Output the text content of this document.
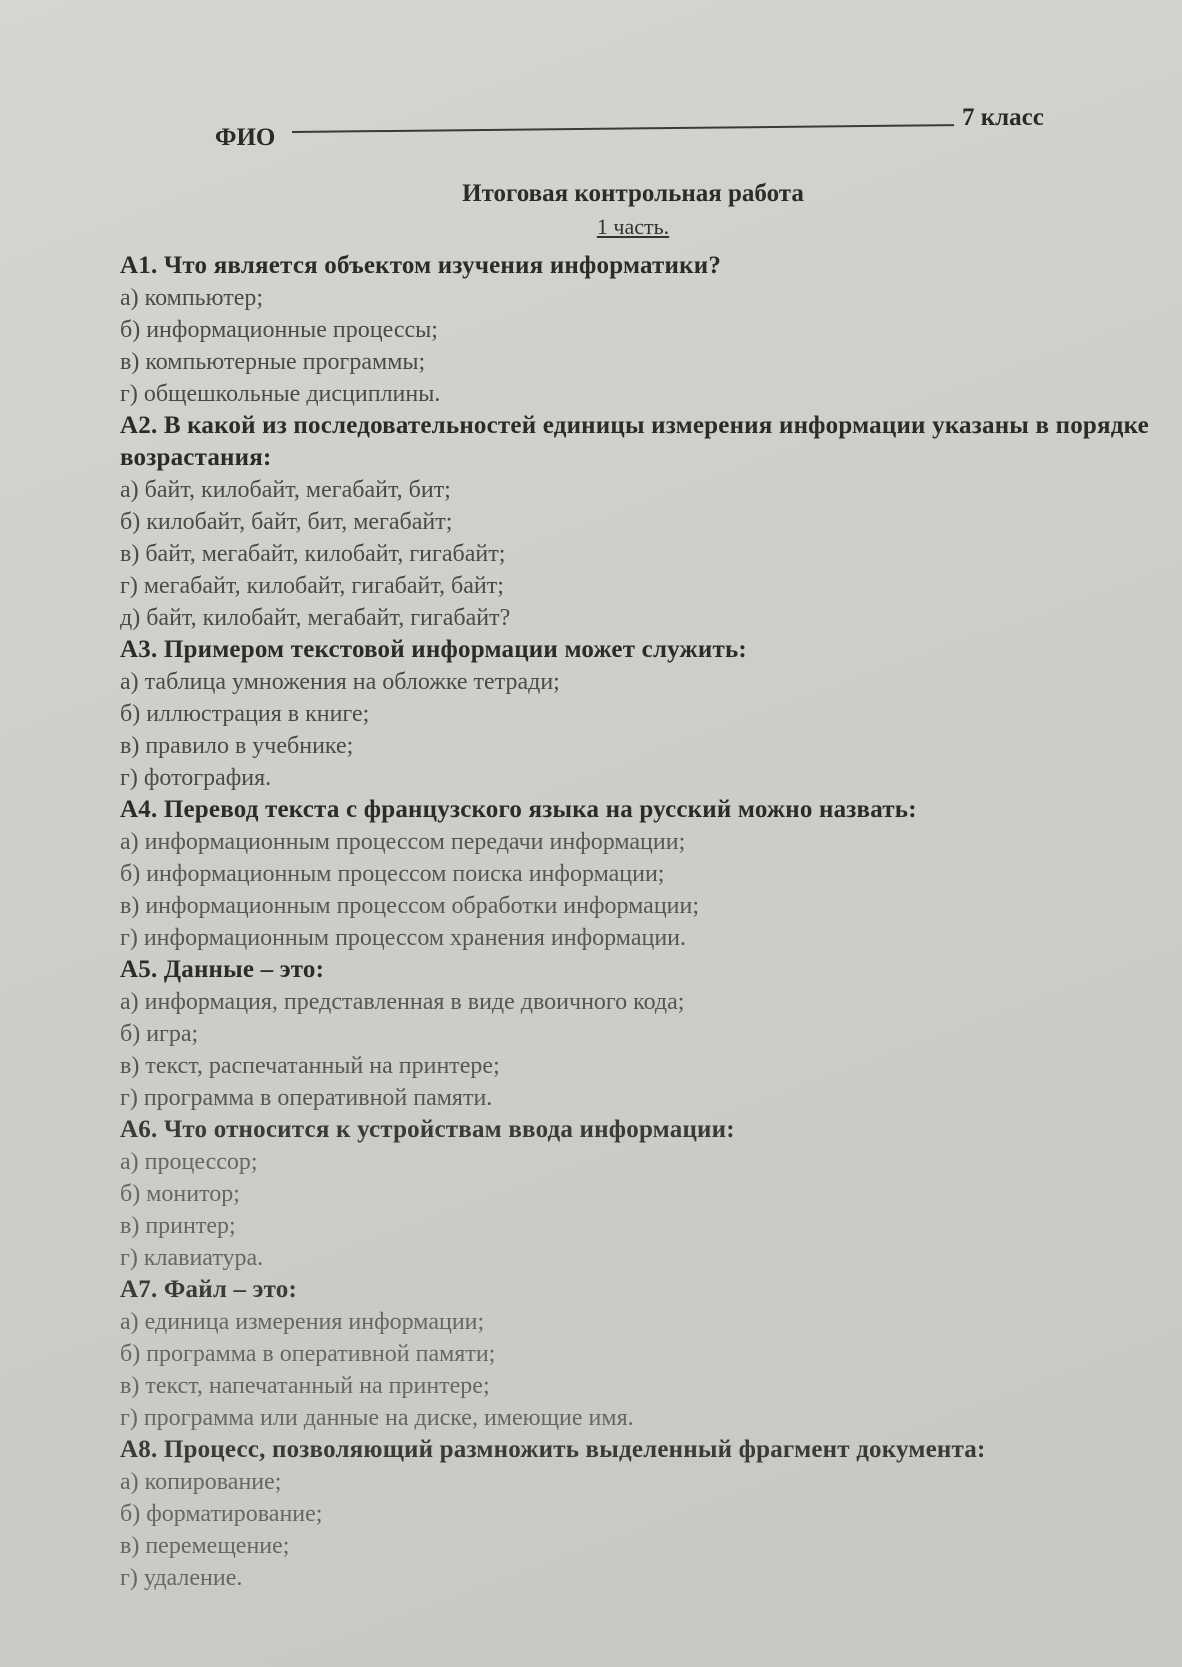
7 класс
ФИО
Итоговая контрольная работа
1 часть.
А1. Что является объектом изучения информатики?
а) компьютер;
б) информационные процессы;
в) компьютерные программы;
г) общешкольные дисциплины.
А2. В какой из последовательностей единицы измерения информации указаны в порядке возрастания:
а) байт, килобайт, мегабайт, бит;
б) килобайт, байт, бит, мегабайт;
в) байт, мегабайт, килобайт, гигабайт;
г) мегабайт, килобайт, гигабайт, байт;
д) байт, килобайт, мегабайт, гигабайт?
А3. Примером текстовой информации может служить:
а) таблица умножения на обложке тетради;
б) иллюстрация в книге;
в) правило в учебнике;
г) фотография.
А4. Перевод текста с французского языка на русский можно назвать:
а) информационным процессом передачи информации;
б) информационным процессом поиска информации;
в) информационным процессом обработки информации;
г) информационным процессом хранения информации.
А5. Данные – это:
а) информация, представленная в виде двоичного кода;
б) игра;
в) текст, распечатанный на принтере;
г) программа в оперативной памяти.
А6. Что относится к устройствам ввода информации:
а) процессор;
б) монитор;
в) принтер;
г) клавиатура.
А7. Файл – это:
а) единица измерения информации;
б) программа в оперативной памяти;
в) текст, напечатанный на принтере;
г) программа или данные на диске, имеющие имя.
А8. Процесс, позволяющий размножить выделенный фрагмент документа:
а) копирование;
б) форматирование;
в) перемещение;
г) удаление.
